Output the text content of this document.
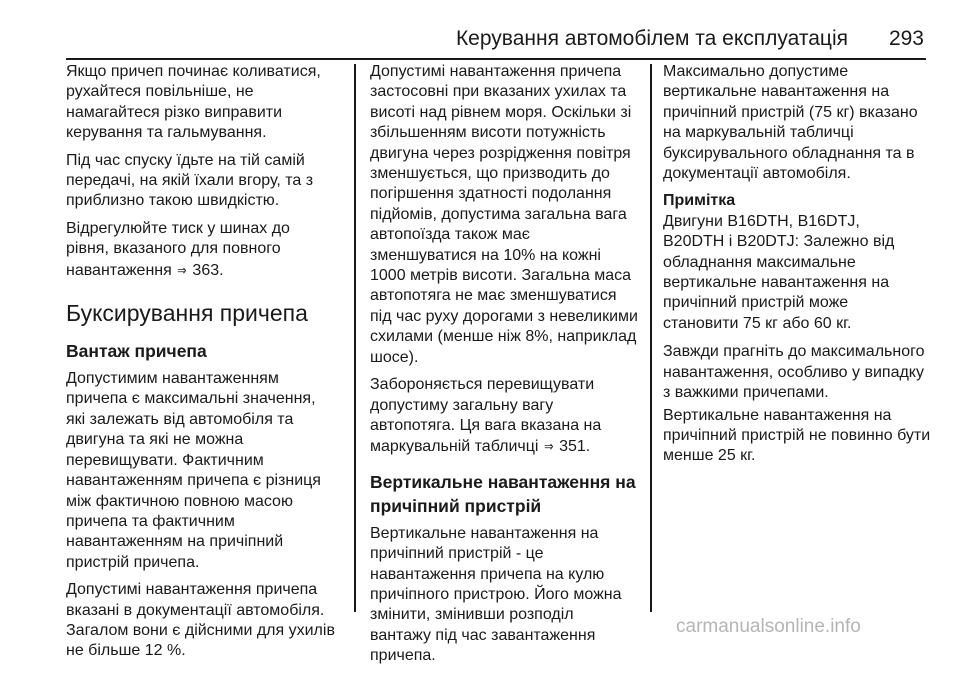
Керування автомобілем та експлуатація 293

Якщо причеп починає коливатися,
рухайтеся повільніше, не
намагайтеся різко виправити
керування та гальмування.

Під час спуску їдьте на тій самій
передачі, на якій їхали вгору, та з
приблизно такою швидкістю.

Відрегулюйте тиск у шинах до
рівня, вказаного для повного
навантаження ⇒ 363.

Буксирування причепа
Вантаж причепа

Допустимим навантаженням
причепа є максимальні значення,
які залежать від автомобіля та
двигуна та які не можна
перевищувати. Фактичним
навантаженням причепа є різниця
між фактичною повною масою
причепа та фактичним
навантаженням на причіпний
пристрій причепа.

Допустимі навантаження причепа
вказані в документації автомобіля.
Загалом вони є дійсними для ухилів
не більше 12 %.

Допустимі навантаження причепа
застосовні при вказаних ухилах та
висоті над рівнем моря. Оскільки зі
збільшенням висоти потужність
двигуна через розрідження повітря
зменшується, що призводить до
погіршення здатності подолання
підйомів, допустима загальна вага
автопоїзда також має
зменшуватися на 10% на кожні
1000 метрів висоти. Загальна маса
автопотяга не має зменшуватися
під час руху дорогами з невеликими
схилами (менше ніж 8%, наприклад
шосе).

Забороняється перевищувати
допустиму загальну вагу
автопотяга. Ця вага вказана на
маркувальній табличці ⇒ 351.

Вертикальне навантаження на
причіпний пристрій

Вертикальне навантаження на
причіпний пристрій - це
навантаження причепа на кулю
причіпного пристрою. Його можна
змінити, змінивши розподіл
вантажу під час завантаження
причепа.

Максимально допустиме
вертикальне навантаження на
причіпний пристрій (75 кг) вказано
на маркувальній табличці
буксирувального обладнання та в
документації автомобіля.

Примітка
Двигуни B16DTH, B16DTJ,
B20DTH і B20DTJ: Залежно від
обладнання максимальне
вертикальне навантаження на
причіпний пристрій може
становити 75 кг або 60 кг.

Завжди прагніть до максимального
навантаження, особливо у випадку
з важкими причепами.

Вертикальне навантаження на
причіпний пристрій не повинно бути
менше 25 кг.

carmanualsonline.info
